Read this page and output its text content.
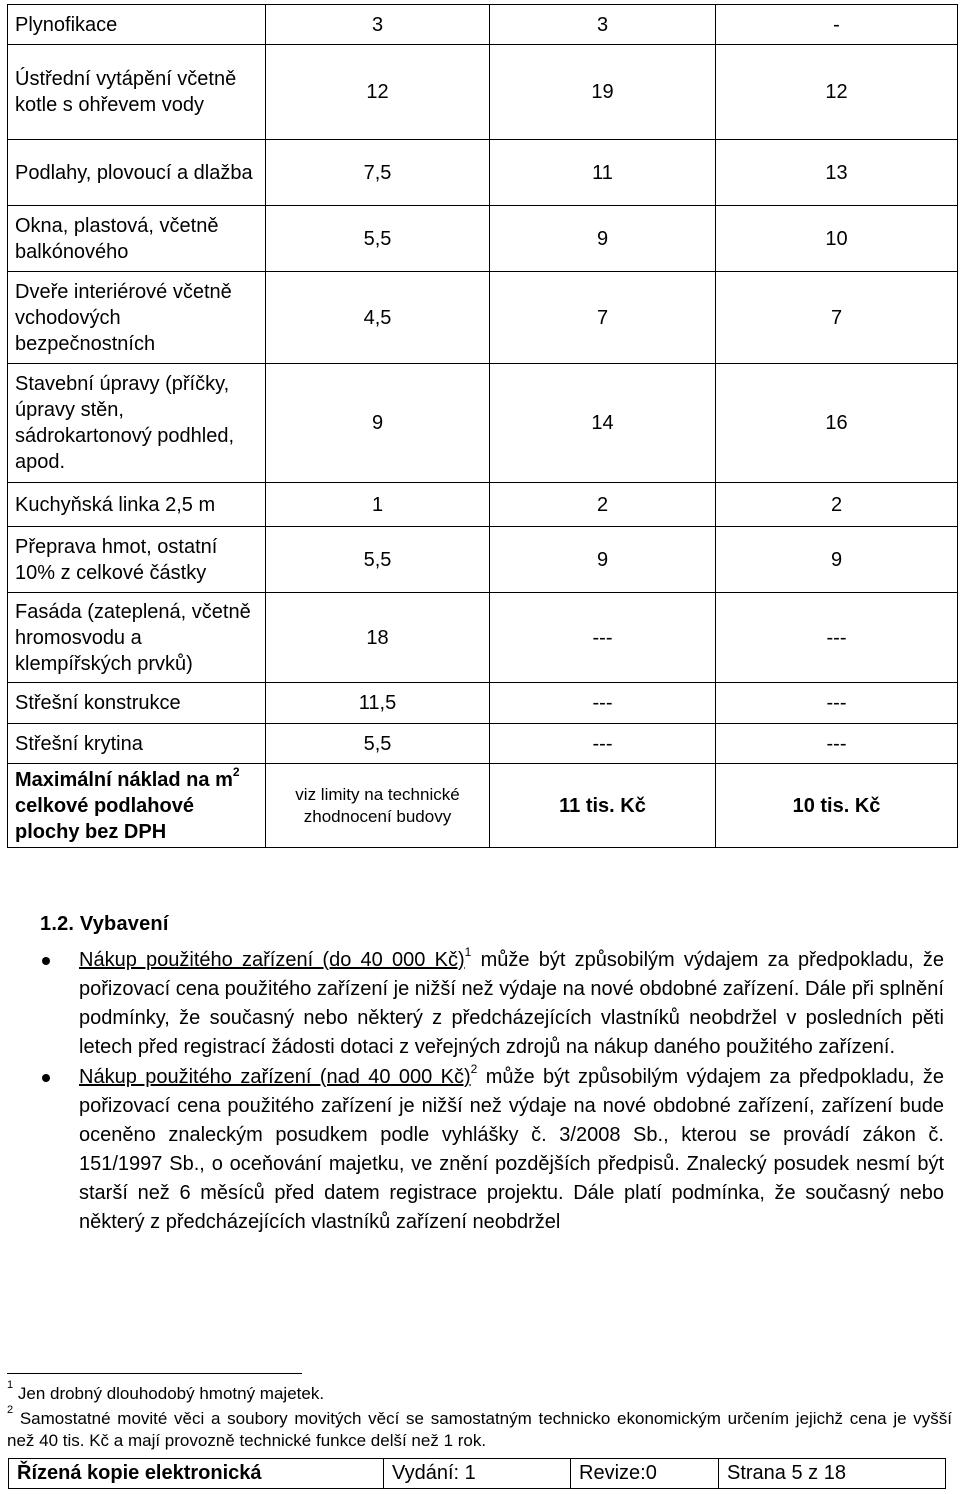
Plynofikace	3	3	-
Ústřední vytápění včetně kotle s ohřevem vody	12	19	12
Podlahy, plovoucí a dlažba	7,5	11	13
Okna, plastová, včetně balkónového	5,5	9	10
Dveře interiérové včetně vchodových bezpečnostních	4,5	7	7
Stavební úpravy (příčky, úpravy stěn, sádrokartonový podhled, apod.	9	14	16
Kuchyňská linka 2,5 m	1	2	2
Přeprava hmot, ostatní 10% z celkové částky	5,5	9	9
Fasáda (zateplená, včetně hromosvodu a klempířských prvků)	18	---	---
Střešní konstrukce	11,5	---	---
Střešní krytina	5,5	---	---
Maximální náklad na $m^2$ celkové podlahové plochy bez DPH	viz limity na technické zhodnocení budovy	11 tis. Kč	10 tis. Kč
1.2. Vybavení
Nákup použitého zařízení (do 40 000 Kč)$^1$ může být způsobilým výdajem za předpokladu, že pořizovací cena použitého zařízení je nižší než výdaje na nové obdobné zařízení. Dále při splnění podmínky, že současný nebo některý z předcházejících vlastníků neobdržel v posledních pěti letech před registrací žádosti dotaci z veřejných zdrojů na nákup daného použitého zařízení.
Nákup použitého zařízení (nad 40 000 Kč)$^2$ může být způsobilým výdajem za předpokladu, že pořizovací cena použitého zařízení je nižší než výdaje na nové obdobné zařízení, zařízení bude oceněno znaleckým posudkem podle vyhlášky č. 3/2008 Sb., kterou se provádí zákon č. 151/1997 Sb., o oceňování majetku, ve znění pozdějších předpisů. Znalecký posudek nesmí být starší než 6 měsíců před datem registrace projektu. Dále platí podmínka, že současný nebo některý z předcházejících vlastníků zařízení neobdržel
$^1$ Jen drobný dlouhodobý hmotný majetek.
$^2$ Samostatné movité věci a soubory movitých věcí se samostatným technicko ekonomickým určením jejichž cena je vyšší než 40 tis. Kč a mají provozně technické funkce delší než 1 rok.
Řízená kopie elektronická	Vydání: 1	Revize:0	Strana 5 z 18
